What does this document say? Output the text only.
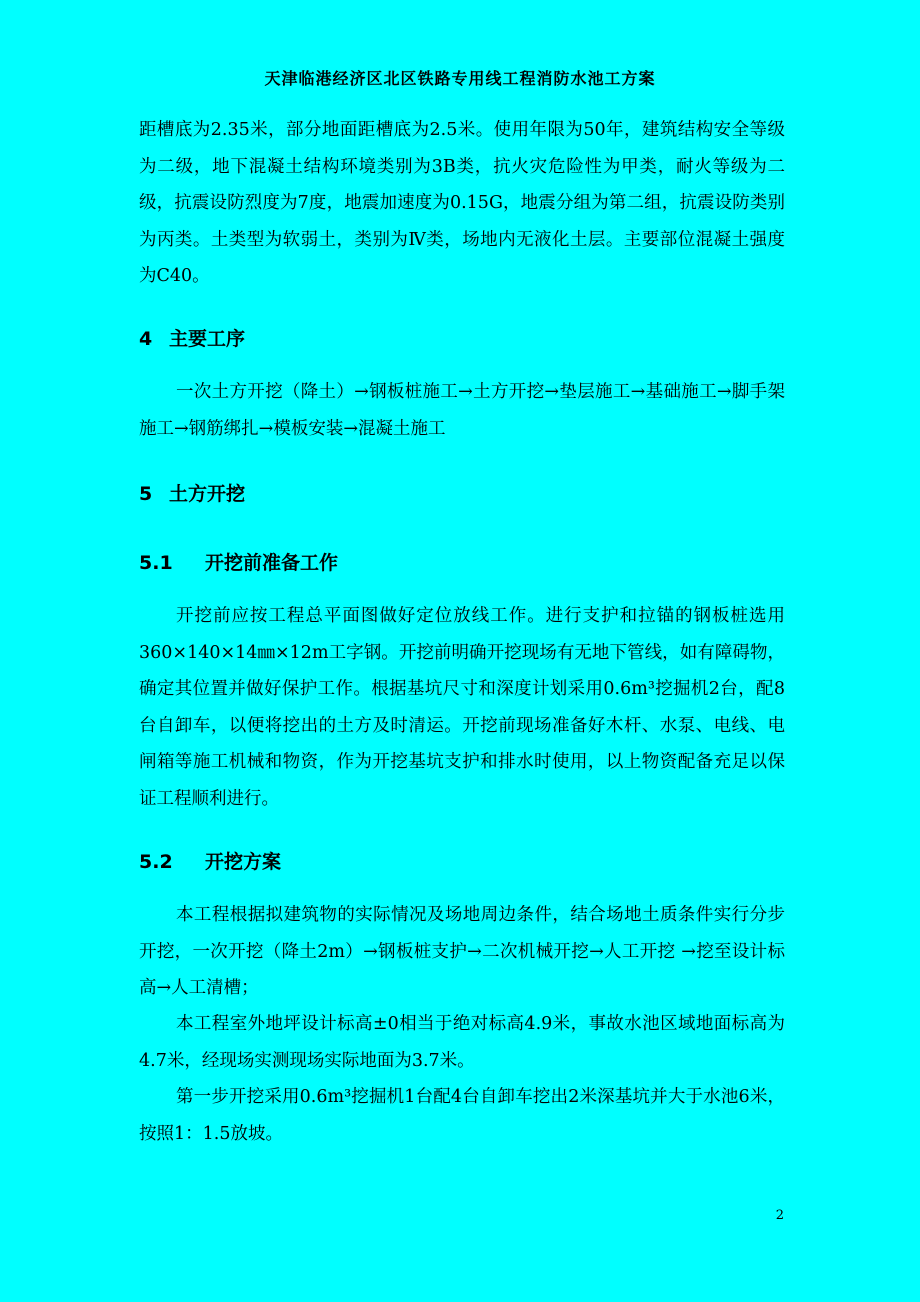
天津临港经济区北区铁路专用线工程消防水池工方案

距槽底为2.35米，部分地面距槽底为2.5米。使用年限为50年，建筑结构安全等级为二级，地下混凝土结构环境类别为3B类，抗火灾危险性为甲类，耐火等级为二级，抗震设防烈度为7度，地震加速度为0.15G，地震分组为第二组，抗震设防类别为丙类。土类型为软弱土，类别为Ⅳ类，场地内无液化土层。主要部位混凝土强度为C40。

4 主要工序

一次土方开挖（降土）→钢板桩施工→土方开挖→垫层施工→基础施工→脚手架施工→钢筋绑扎→模板安装→混凝土施工

5 土方开挖
5.1 开挖前准备工作

开挖前应按工程总平面图做好定位放线工作。进行支护和拉锚的钢板桩选用360×140×14㎜×12m工字钢。开挖前明确开挖现场有无地下管线，如有障碍物，确定其位置并做好保护工作。根据基坑尺寸和深度计划采用0.6m³挖掘机2台，配8台自卸车，以便将挖出的土方及时清运。开挖前现场准备好木杆、水泵、电线、电闸箱等施工机械和物资，作为开挖基坑支护和排水时使用，以上物资配备充足以保证工程顺利进行。

5.2 开挖方案

本工程根据拟建筑物的实际情况及场地周边条件，结合场地土质条件实行分步开挖，一次开挖（降土2m）→钢板桩支护→二次机械开挖→人工开挖 →挖至设计标高→人工清槽；

本工程室外地坪设计标高±0相当于绝对标高4.9米，事故水池区域地面标高为4.7米，经现场实测现场实际地面为3.7米。

第一步开挖采用0.6m³挖掘机1台配4台自卸车挖出2米深基坑并大于水池6米，按照1：1.5放坡。

2
